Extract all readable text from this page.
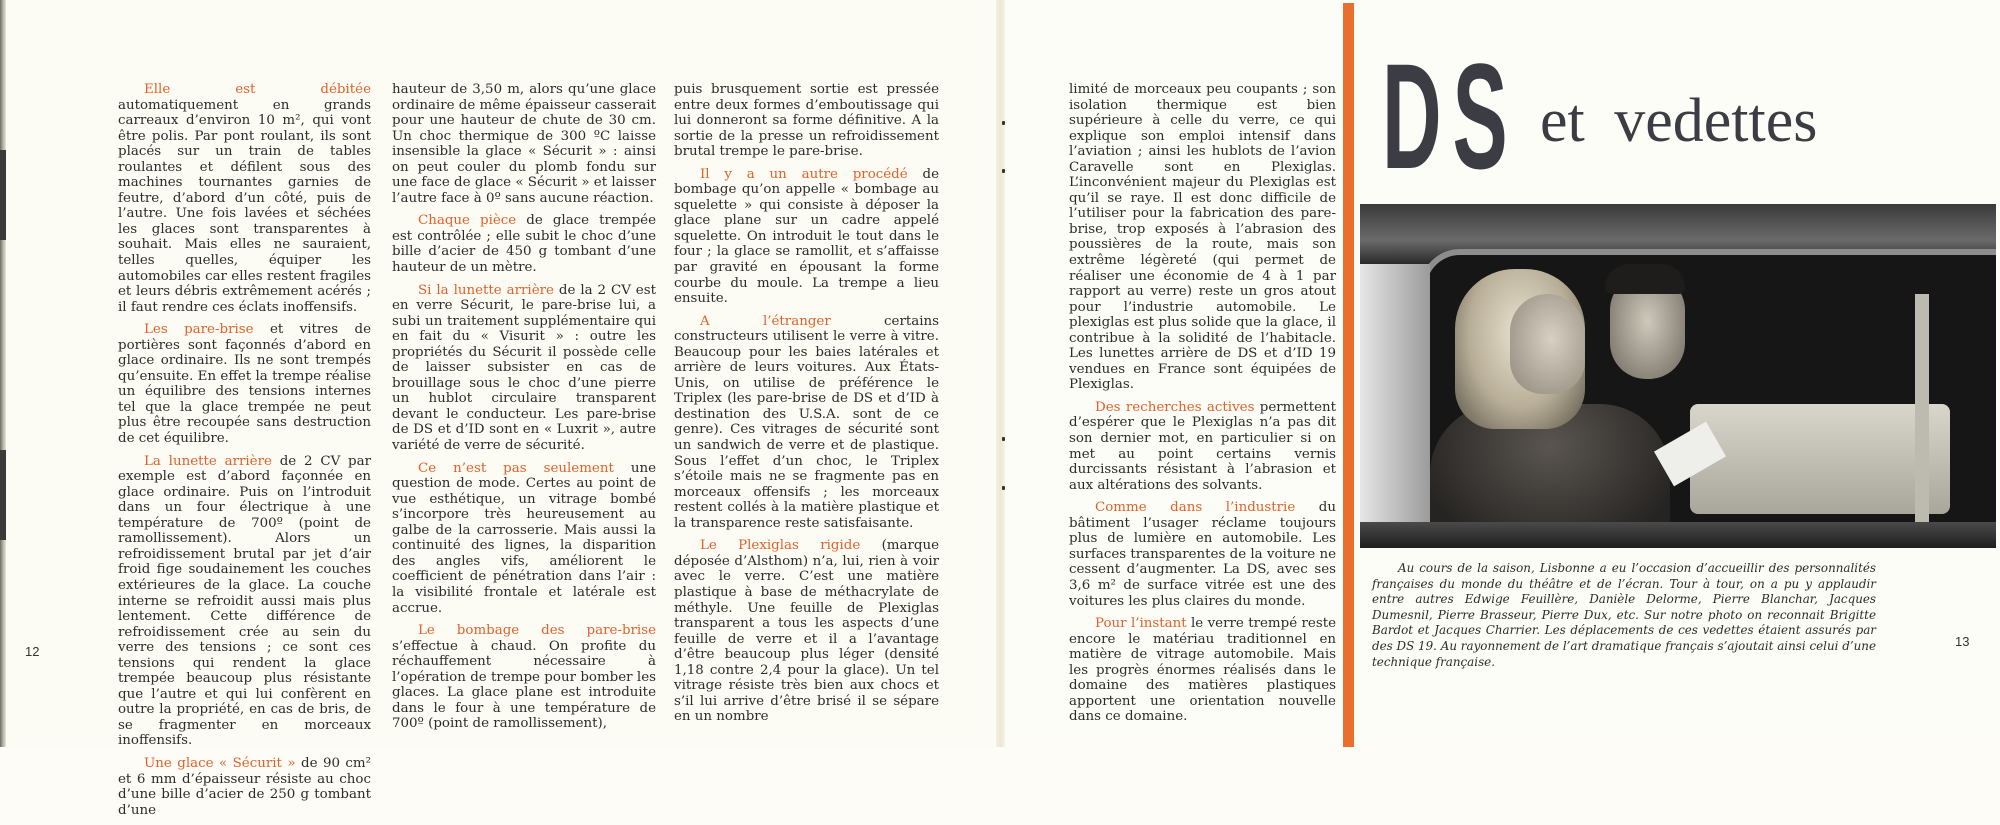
Elle est débitée automatiquement en grands carreaux d’environ 10 m², qui vont être polis. Par pont roulant, ils sont placés sur un train de tables roulantes et défilent sous des machines tournantes garnies de feutre, d’abord d’un côté, puis de l’autre. Une fois lavées et séchées les glaces sont transparentes à souhait. Mais elles ne sauraient, telles quelles, équiper les automobiles car elles restent fragiles et leurs débris extrêmement acérés ; il faut rendre ces éclats inoffensifs.

Les pare-brise et vitres de portières sont façonnés d’abord en glace ordinaire. Ils ne sont trempés qu’ensuite. En effet la trempe réalise un équilibre des tensions internes tel que la glace trempée ne peut plus être recoupée sans destruction de cet équilibre.

La lunette arrière de 2 CV par exemple est d’abord façonnée en glace ordinaire. Puis on l’introduit dans un four électrique à une température de 700º (point de ramollissement). Alors un refroidissement brutal par jet d’air froid fige soudainement les couches extérieures de la glace. La couche interne se refroidit aussi mais plus lentement. Cette différence de refroidissement crée au sein du verre des tensions ; ce sont ces tensions qui rendent la glace trempée beaucoup plus résistante que l’autre et qui lui confèrent en outre la propriété, en cas de bris, de se fragmenter en morceaux inoffensifs.

Une glace « Sécurit » de 90 cm² et 6 mm d’épaisseur résiste au choc d’une bille d’acier de 250 g tombant d’une

hauteur de 3,50 m, alors qu’une glace ordinaire de même épaisseur casserait pour une hauteur de chute de 30 cm. Un choc thermique de 300 ºC laisse insensible la glace « Sécurit » : ainsi on peut couler du plomb fondu sur une face de glace « Sécurit » et laisser l’autre face à 0º sans aucune réaction.

Chaque pièce de glace trempée est contrôlée ; elle subit le choc d’une bille d’acier de 450 g tombant d’une hauteur de un mètre.

Si la lunette arrière de la 2 CV est en verre Sécurit, le pare-brise lui, a subi un traitement supplémentaire qui en fait du « Visurit » : outre les propriétés du Sécurit il possède celle de laisser subsister en cas de brouillage sous le choc d’une pierre un hublot circulaire transparent devant le conducteur. Les pare-brise de DS et d’ID sont en « Luxrit », autre variété de verre de sécurité.

Ce n’est pas seulement une question de mode. Certes au point de vue esthétique, un vitrage bombé s’incorpore très heureusement au galbe de la carrosserie. Mais aussi la continuité des lignes, la disparition des angles vifs, améliorent le coefficient de pénétration dans l’air : la visibilité frontale et latérale est accrue.

Le bombage des pare-brise s’effectue à chaud. On profite du réchauffement nécessaire à l’opération de trempe pour bomber les glaces. La glace plane est introduite dans le four à une température de 700º (point de ramollissement),

puis brusquement sortie est pressée entre deux formes d’emboutissage qui lui donneront sa forme définitive. A la sortie de la presse un refroidissement brutal trempe le pare-brise.

Il y a un autre procédé de bombage qu’on appelle « bombage au squelette » qui consiste à déposer la glace plane sur un cadre appelé squelette. On introduit le tout dans le four ; la glace se ramollit, et s’affaisse par gravité en épousant la forme courbe du moule. La trempe a lieu ensuite.

A l’étranger certains constructeurs utilisent le verre à vitre. Beaucoup pour les baies latérales et arrière de leurs voitures. Aux États-Unis, on utilise de préférence le Triplex (les pare-brise de DS et d’ID à destination des U.S.A. sont de ce genre). Ces vitrages de sécurité sont un sandwich de verre et de plastique. Sous l’effet d’un choc, le Triplex s’étoile mais ne se fragmente pas en morceaux offensifs ; les morceaux restent collés à la matière plastique et la transparence reste satisfaisante.

Le Plexiglas rigide (marque déposée d’Alsthom) n’a, lui, rien à voir avec le verre. C’est une matière plastique à base de méthacrylate de méthyle. Une feuille de Plexiglas transparent a tous les aspects d’une feuille de verre et il a l’avantage d’être beaucoup plus léger (densité 1,18 contre 2,4 pour la glace). Un tel vitrage résiste très bien aux chocs et s’il lui arrive d’être brisé il se sépare en un nombre

limité de morceaux peu coupants ; son isolation thermique est bien supérieure à celle du verre, ce qui explique son emploi intensif dans l’aviation ; ainsi les hublots de l’avion Caravelle sont en Plexiglas. L’inconvénient majeur du Plexiglas est qu’il se raye. Il est donc difficile de l’utiliser pour la fabrication des pare-brise, trop exposés à l’abrasion des poussières de la route, mais son extrême légèreté (qui permet de réaliser une économie de 4 à 1 par rapport au verre) reste un gros atout pour l’industrie automobile. Le plexiglas est plus solide que la glace, il contribue à la solidité de l’habitacle. Les lunettes arrière de DS et d’ID 19 vendues en France sont équipées de Plexiglas.

Des recherches actives permettent d’espérer que le Plexiglas n’a pas dit son dernier mot, en particulier si on met au point certains vernis durcissants résistant à l’abrasion et aux altérations des solvants.

Comme dans l’industrie du bâtiment l’usager réclame toujours plus de lumière en automobile. Les surfaces transparentes de la voiture ne cessent d’augmenter. La DS, avec ses 3,6 m² de surface vitrée est une des voitures les plus claires du monde.

Pour l’instant le verre trempé reste encore le matériau traditionnel en matière de vitrage automobile. Mais les progrès énormes réalisés dans le domaine des matières plastiques apportent une orientation nouvelle dans ce domaine.

12
13
DS et vedettes

Au cours de la saison, Lisbonne a eu l’occasion d’accueillir des personnalités françaises du monde du théâtre et de l’écran. Tour à tour, on a pu y applaudir entre autres Edwige Feuillère, Danièle Delorme, Pierre Blanchar, Jacques Dumesnil, Pierre Brasseur, Pierre Dux, etc. Sur notre photo on reconnait Brigitte Bardot et Jacques Charrier. Les déplacements de ces vedettes étaient assurés par des DS 19. Au rayonnement de l’art dramatique français s’ajoutait ainsi celui d’une technique française.
